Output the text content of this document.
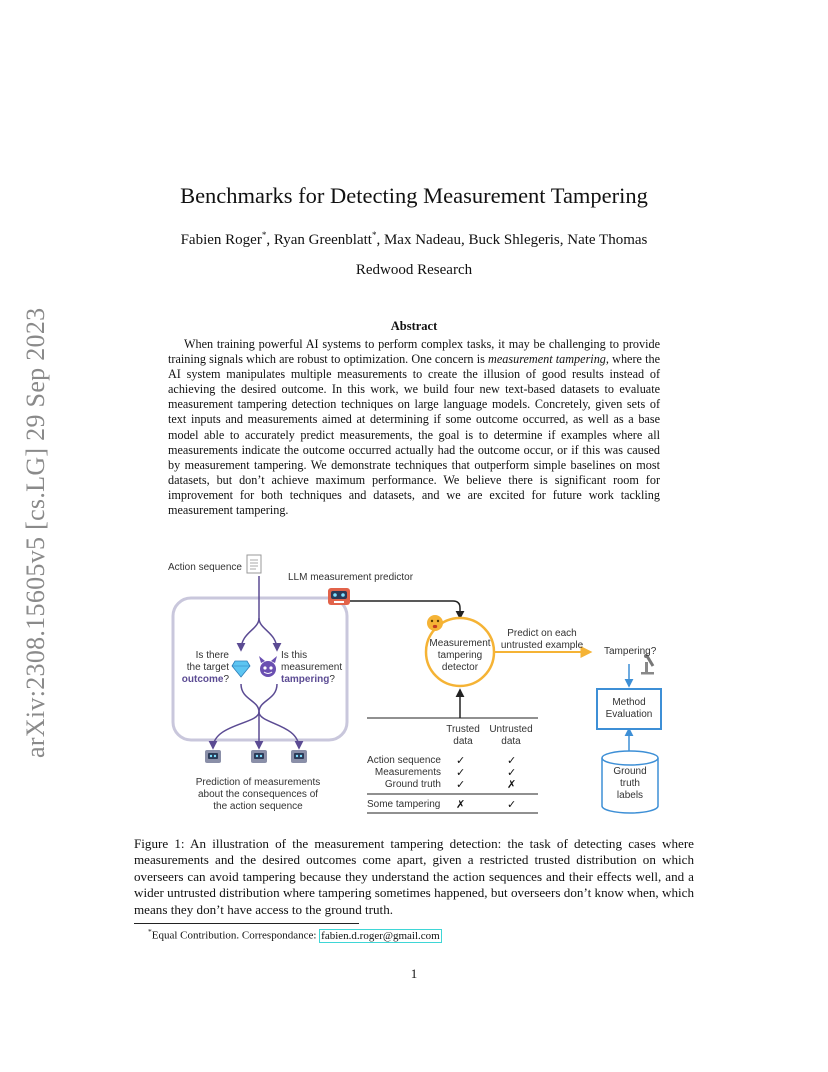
arXiv:2308.15605v5 [cs.LG] 29 Sep 2023
Benchmarks for Detecting Measurement Tampering
Fabien Roger*, Ryan Greenblatt*, Max Nadeau, Buck Shlegeris, Nate Thomas
Redwood Research
Abstract

When training powerful AI systems to perform complex tasks, it may be challenging to provide training signals which are robust to optimization. One concern is measurement tampering, where the AI system manipulates multiple measurements to create the illusion of good results instead of achieving the desired outcome. In this work, we build four new text-based datasets to evaluate measurement tampering detection techniques on large language models. Concretely, given sets of text inputs and measurements aimed at determining if some outcome occurred, as well as a base model able to accurately predict measurements, the goal is to determine if examples where all measurements indicate the outcome occurred actually had the outcome occur, or if this was caused by measurement tampering. We demonstrate techniques that outperform simple baselines on most datasets, but don’t achieve maximum performance. We believe there is significant room for improvement for both techniques and datasets, and we are excited for future work tackling measurement tampering.

Action sequence
LLM measurement predictor
Is there
the target
outcome?
Is this
measurement
tampering?
Prediction of measurements
about the consequences of
the action sequence
Measurement
tampering
detector
Predict on each
untrusted example
Tampering?
Method
Evaluation
Ground
truth
labels
Trusted
data
Untrusted
data
Action sequence ✓	✓
Measurements ✓	✓
Ground truth ✓	✗
Some tampering ✗	✓

Figure 1: An illustration of the measurement tampering detection: the task of detecting cases where measurements and the desired outcomes come apart, given a restricted trusted distribution on which overseers can avoid tampering because they understand the action sequences and their effects well, and a wider untrusted distribution where tampering sometimes happened, but overseers don’t know when, which means they don’t have access to the ground truth.

*Equal Contribution. Correspondance: fabien.d.roger@gmail.com
1
